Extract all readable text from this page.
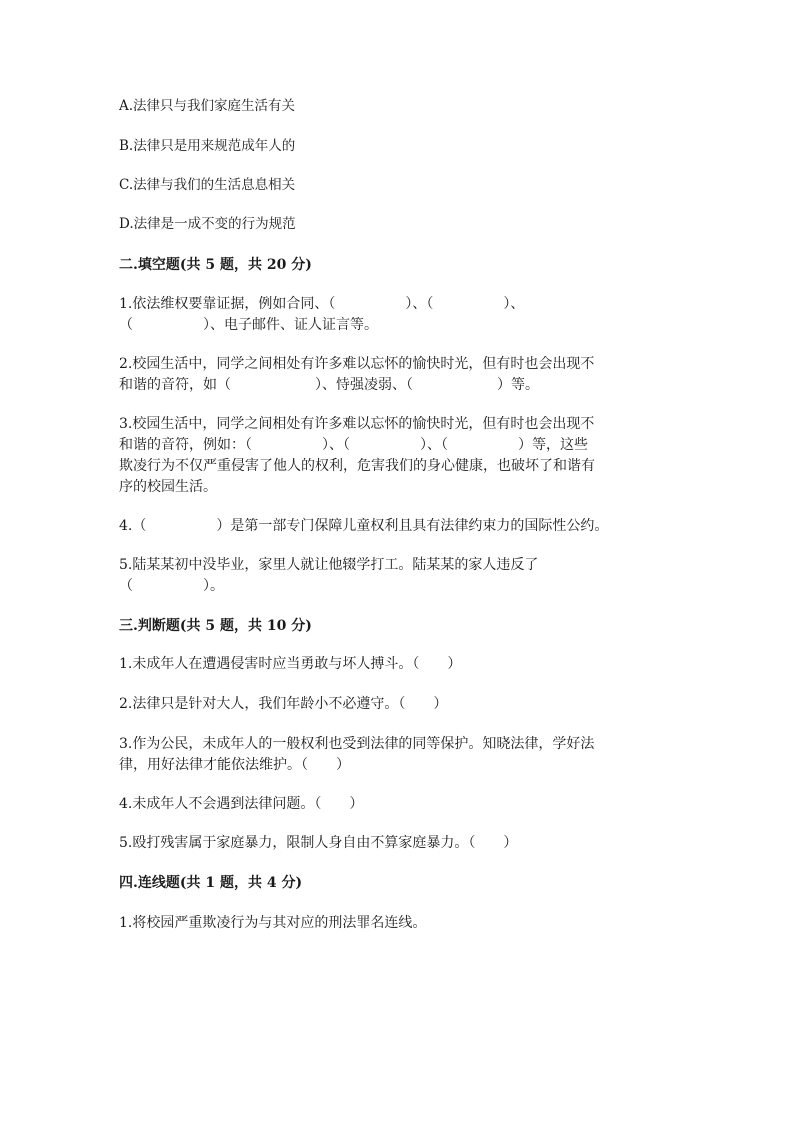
A.法律只与我们家庭生活有关
B.法律只是用来规范成年人的
C.法律与我们的生活息息相关
D.法律是一成不变的行为规范
二.填空题(共 5 题，共 20 分)
1.依法维权要靠证据，例如合同、（　　　　　）、（　　　　　）、
（　　　　　）、电子邮件、证人证言等。
2.校园生活中，同学之间相处有许多难以忘怀的愉快时光，但有时也会出现不
和谐的音符，如（　　　　　　）、恃强凌弱、（　　　　　　）等。
3.校园生活中，同学之间相处有许多难以忘怀的愉快时光，但有时也会出现不
和谐的音符，例如：（　　　　　）、（　　　　　）、（　　　　　）等，这些
欺凌行为不仅严重侵害了他人的权利，危害我们的身心健康，也破坏了和谐有
序的校园生活。
4.（　　　　　）是第一部专门保障儿童权利且具有法律约束力的国际性公约。
5.陆某某初中没毕业，家里人就让他辍学打工。陆某某的家人违反了
（　　　　　）。
三.判断题(共 5 题，共 10 分)
1.未成年人在遭遇侵害时应当勇敢与坏人搏斗。（　　）
2.法律只是针对大人，我们年龄小不必遵守。（　　）
3.作为公民，未成年人的一般权利也受到法律的同等保护。知晓法律，学好法
律，用好法律才能依法维护。（　　）
4.未成年人不会遇到法律问题。（　　）
5.殴打残害属于家庭暴力，限制人身自由不算家庭暴力。（　　）
四.连线题(共 1 题，共 4 分)
1.将校园严重欺凌行为与其对应的刑法罪名连线。
